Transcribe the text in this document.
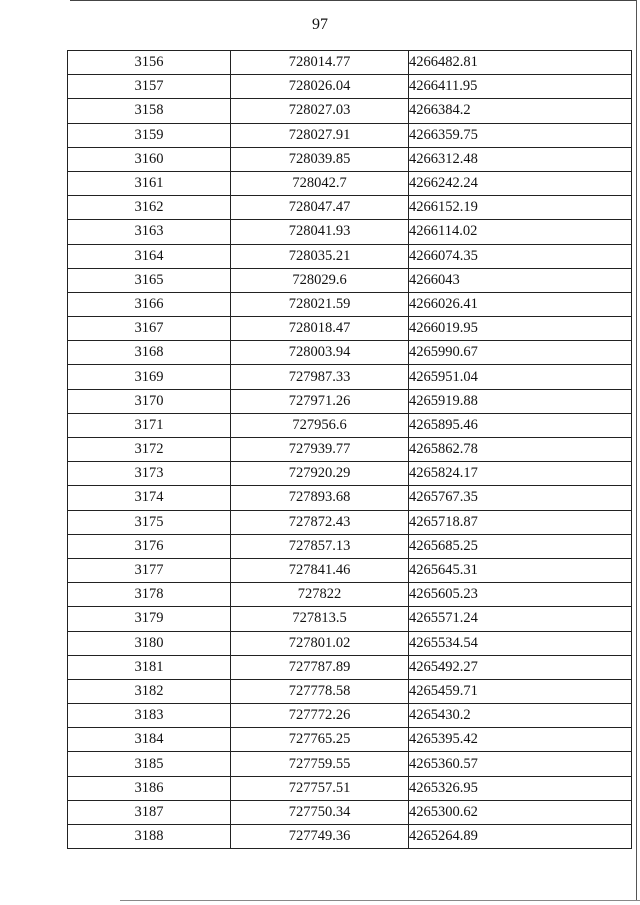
97
3156	728014.77	4266482.81
3157	728026.04	4266411.95
3158	728027.03	4266384.2
3159	728027.91	4266359.75
3160	728039.85	4266312.48
3161	728042.7	4266242.24
3162	728047.47	4266152.19
3163	728041.93	4266114.02
3164	728035.21	4266074.35
3165	728029.6	4266043
3166	728021.59	4266026.41
3167	728018.47	4266019.95
3168	728003.94	4265990.67
3169	727987.33	4265951.04
3170	727971.26	4265919.88
3171	727956.6	4265895.46
3172	727939.77	4265862.78
3173	727920.29	4265824.17
3174	727893.68	4265767.35
3175	727872.43	4265718.87
3176	727857.13	4265685.25
3177	727841.46	4265645.31
3178	727822	4265605.23
3179	727813.5	4265571.24
3180	727801.02	4265534.54
3181	727787.89	4265492.27
3182	727778.58	4265459.71
3183	727772.26	4265430.2
3184	727765.25	4265395.42
3185	727759.55	4265360.57
3186	727757.51	4265326.95
3187	727750.34	4265300.62
3188	727749.36	4265264.89
